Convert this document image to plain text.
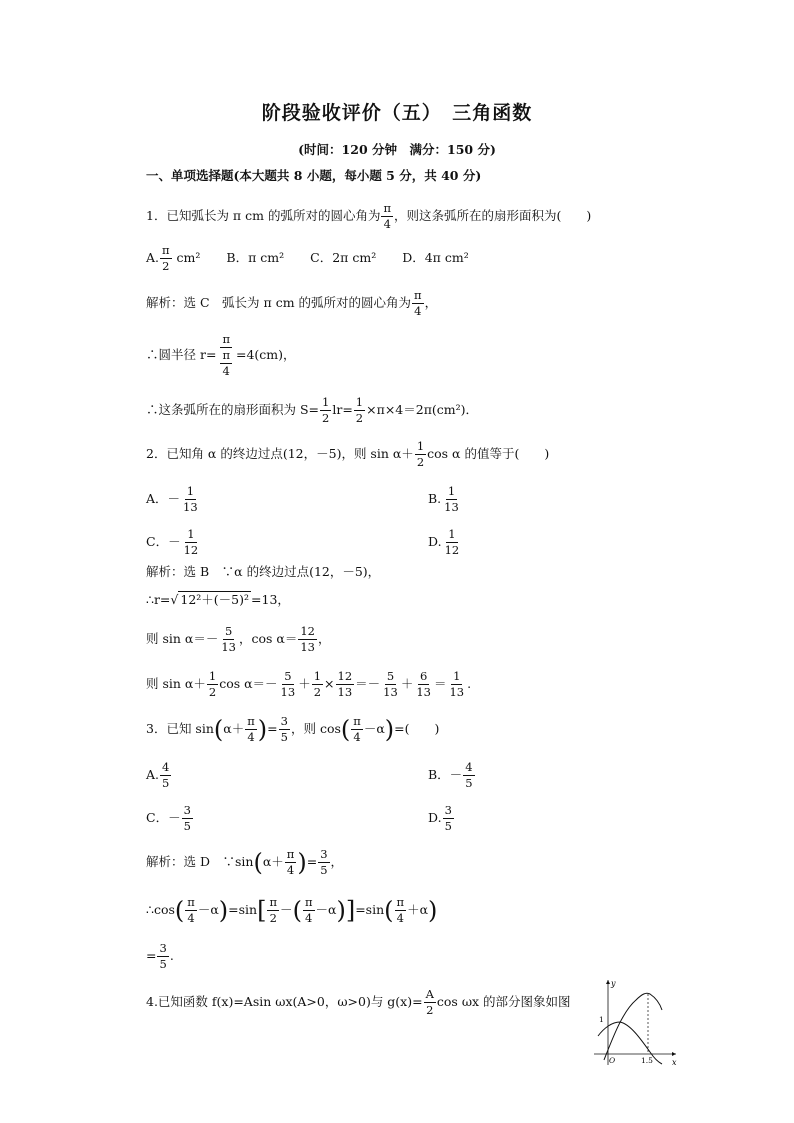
阶段验收评价（五）　三角函数
(时间：120 分钟　满分：150 分)
一、单项选择题(本大题共 8 小题，每小题 5 分，共 40 分)
1．已知弧长为 π cm 的弧所对的圆心角为 $\frac{\pi}{4}$ ，则这条弧所在的扇形面积为(　　)
A. $\frac{\pi}{2} cm^2$ B．π cm² C．2π cm² D．4π cm²
解析：选 C　弧长为 π cm 的弧所对的圆心角为 $\frac{\pi}{4}$ ，
∴圆半径 $r= \frac{\pi}{\frac{\pi}{4}} =4(cm)$，
∴这条弧所在的扇形面积为 $S= \frac{1}{2} lr= \frac{1}{2} \times\pi\times 4=2\pi(cm^2)$．
2．已知角 α 的终边过点(12，－5)，则 $\sin \alpha+ \frac{1}{2}$ cos α 的值等于(　　)
A．－ $\frac{1}{13}$	B. $\frac{1}{13}$
C．－ $\frac{1}{12}$	D. $\frac{1}{12}$
解析：选 B　∵α 的终边过点(12，－5)，
∴r=√ 12²＋(－5)² =13，
则 $\sin \alpha=- \frac{5}{13}$ ，$\cos \alpha= \frac{12}{13}$ ，
则 $\sin \alpha+ \frac{1}{2}$ $\cos \alpha=- \frac{5}{13} + \frac{1}{2} \times \frac{12}{13} =- \frac{5}{13} + \frac{6}{13} = \frac{1}{13}$ .
3．已知 $\sin(\alpha+ \frac{\pi}{4}$ )= $\frac{3}{5}$ ，则 $\cos( \frac{\pi}{4} -\alpha)=$(　　)
A. $\frac{4}{5}$	B．－ $\frac{4}{5}$
C．－ $\frac{3}{5}$	D. $\frac{3}{5}$
解析：选 D　∵sin(α＋ $\frac{\pi}{4}$ )= $\frac{3}{5}$ ，
∴cos( $\frac{\pi}{4} -\alpha)=\sin[ \frac{\pi}{2}$ －( $\frac{\pi}{4} -\alpha)]=\sin( \frac{\pi}{4} +\alpha)$
= $\frac{3}{5}$ .
4.已知函数 f(x)=Asin ωx(A>0，ω>0)与 $g(x)= \frac{A}{2}$ cos ωx 的部分图象如图
y
x
O
1
1.5
